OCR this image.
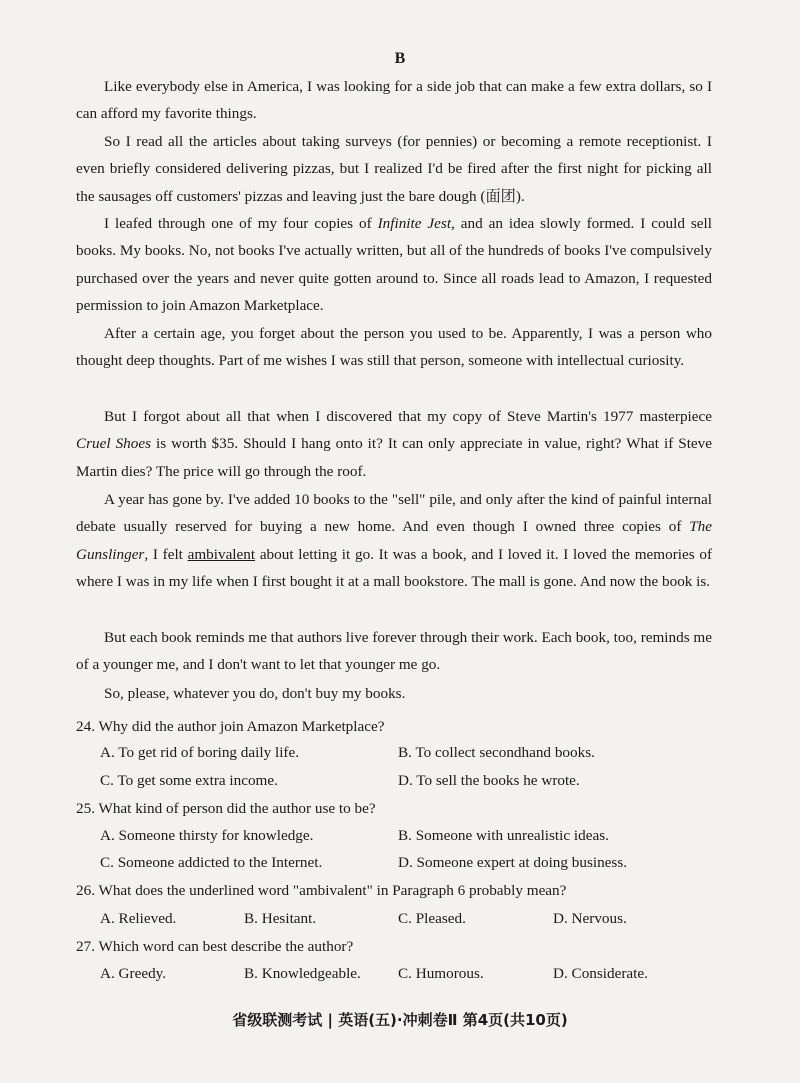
B

Like everybody else in America, I was looking for a side job that can make a few extra dollars, so I can afford my favorite things.

So I read all the articles about taking surveys (for pennies) or becoming a remote receptionist. I even briefly considered delivering pizzas, but I realized I'd be fired after the first night for picking all the sausages off customers' pizzas and leaving just the bare dough (面团).

I leafed through one of my four copies of Infinite Jest, and an idea slowly formed. I could sell books. My books. No, not books I've actually written, but all of the hundreds of books I've compulsively purchased over the years and never quite gotten around to. Since all roads lead to Amazon, I requested permission to join Amazon Marketplace.

After a certain age, you forget about the person you used to be. Apparently, I was a person who thought deep thoughts. Part of me wishes I was still that person, someone with intellectual curiosity.

But I forgot about all that when I discovered that my copy of Steve Martin's 1977 masterpiece Cruel Shoes is worth $35. Should I hang onto it? It can only appreciate in value, right? What if Steve Martin dies? The price will go through the roof.

A year has gone by. I've added 10 books to the "sell" pile, and only after the kind of painful internal debate usually reserved for buying a new home. And even though I owned three copies of The Gunslinger, I felt ambivalent about letting it go. It was a book, and I loved it. I loved the memories of where I was in my life when I first bought it at a mall bookstore. The mall is gone. And now the book is.

But each book reminds me that authors live forever through their work. Each book, too, reminds me of a younger me, and I don't want to let that younger me go.

So, please, whatever you do, don't buy my books.

24. Why did the author join Amazon Marketplace?
A. To get rid of boring daily life.	B. To collect secondhand books.
C. To get some extra income.	D. To sell the books he wrote.
25. What kind of person did the author use to be?
A. Someone thirsty for knowledge.	B. Someone with unrealistic ideas.
C. Someone addicted to the Internet.	D. Someone expert at doing business.
26. What does the underlined word "ambivalent" in Paragraph 6 probably mean?
A. Relieved.	B. Hesitant.	C. Pleased.	D. Nervous.
27. Which word can best describe the author?
A. Greedy.	B. Knowledgeable. C. Humorous.	D. Considerate.
省级联测考试 | 英语(五)·冲刺卷Ⅱ 第4页(共10页)
